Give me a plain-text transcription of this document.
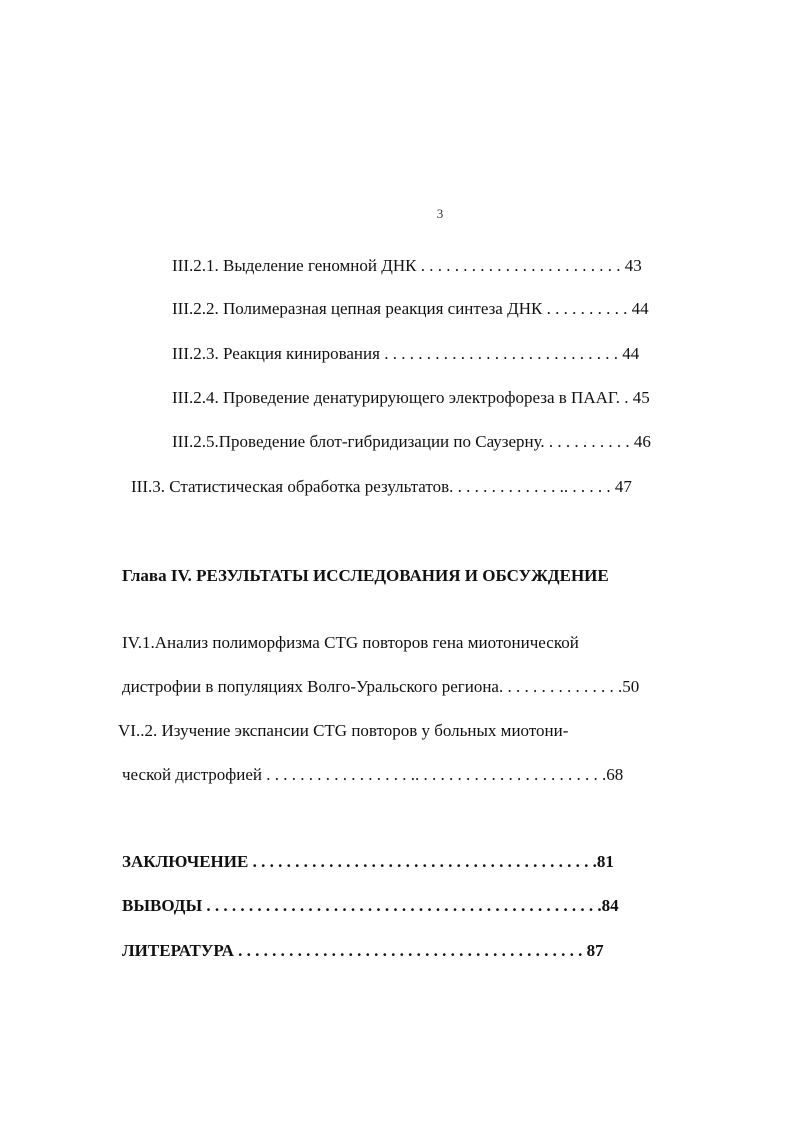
3
III.2.1. Выделение геномной ДНК . . . . . . . . . . . . . . . . . . . . . . . . 43
III.2.2. Полимеразная цепная реакция синтеза ДНК . . . . . . . . . . 44
III.2.3. Реакция кинирования . . . . . . . . . . . . . . . . . . . . . . . . . . . . 44
III.2.4. Проведение денатурирующего электрофореза в ПААГ. . 45
III.2.5.Проведение блот-гибридизации по Саузерну. . . . . . . . . . . 46
III.3. Статистическая обработка результатов. . . . . . . . . . . . . .. . . . . . 47
Глава IV. РЕЗУЛЬТАТЫ ИССЛЕДОВАНИЯ И ОБСУЖДЕНИЕ
IV.1.Анализ полиморфизма CTG повторов гена миотонической
дистрофии в популяциях Волго-Уральского региона. . . . . . . . . . . . . . .50
VI..2. Изучение экспансии CTG повторов у больных миотони-
ческой дистрофией . . . . . . . . . . . . . . . . . .. . . . . . . . . . . . . . . . . . . . . . .68
ЗАКЛЮЧЕНИЕ . . . . . . . . . . . . . . . . . . . . . . . . . . . . . . . . . . . . . . . . .81
ВЫВОДЫ . . . . . . . . . . . . . . . . . . . . . . . . . . . . . . . . . . . . . . . . . . . . . . .84
ЛИТЕРАТУРА . . . . . . . . . . . . . . . . . . . . . . . . . . . . . . . . . . . . . . . . . 87
